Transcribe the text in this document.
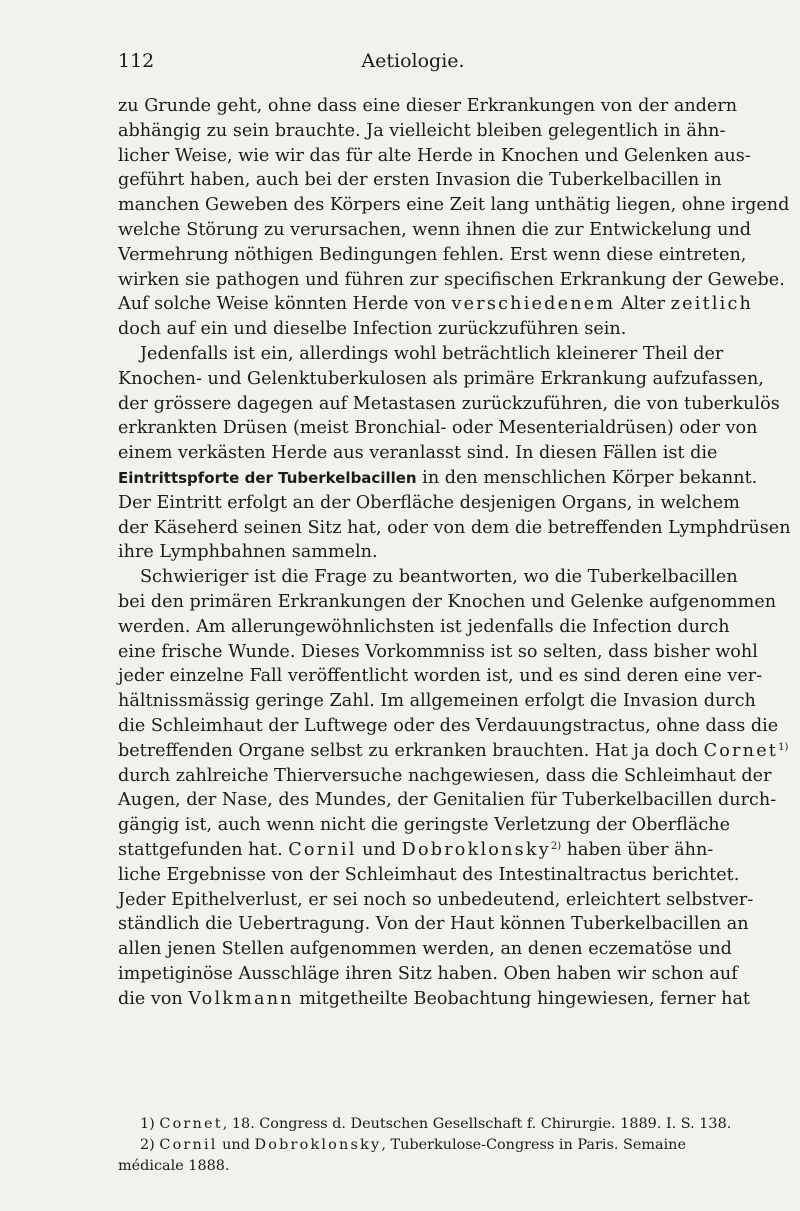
112	Aetiologie.
zu Grunde geht, ohne dass eine dieser Erkrankungen von der andern
abhängig zu sein brauchte. Ja vielleicht bleiben gelegentlich in ähn-
licher Weise, wie wir das für alte Herde in Knochen und Gelenken aus-
geführt haben, auch bei der ersten Invasion die Tuberkelbacillen in
manchen Geweben des Körpers eine Zeit lang unthätig liegen, ohne irgend
welche Störung zu verursachen, wenn ihnen die zur Entwickelung und
Vermehrung nöthigen Bedingungen fehlen. Erst wenn diese eintreten,
wirken sie pathogen und führen zur specifischen Erkrankung der Gewebe.
Auf solche Weise könnten Herde von verschiedenem Alter zeitlich
doch auf ein und dieselbe Infection zurückzuführen sein.
Jedenfalls ist ein, allerdings wohl beträchtlich kleinerer Theil der
Knochen- und Gelenktuberkulosen als primäre Erkrankung aufzufassen,
der grössere dagegen auf Metastasen zurückzuführen, die von tuberkulös
erkrankten Drüsen (meist Bronchial- oder Mesenterialdrüsen) oder von
einem verkästen Herde aus veranlasst sind. In diesen Fällen ist die
Eintrittspforte der Tuberkelbacillen in den menschlichen Körper bekannt.
Der Eintritt erfolgt an der Oberfläche desjenigen Organs, in welchem
der Käseherd seinen Sitz hat, oder von dem die betreffenden Lymphdrüsen
ihre Lymphbahnen sammeln.
Schwieriger ist die Frage zu beantworten, wo die Tuberkelbacillen
bei den primären Erkrankungen der Knochen und Gelenke aufgenommen
werden. Am allerungewöhnlichsten ist jedenfalls die Infection durch
eine frische Wunde. Dieses Vorkommniss ist so selten, dass bisher wohl
jeder einzelne Fall veröffentlicht worden ist, und es sind deren eine ver-
hältnissmässig geringe Zahl. Im allgemeinen erfolgt die Invasion durch
die Schleimhaut der Luftwege oder des Verdauungstractus, ohne dass die
betreffenden Organe selbst zu erkranken brauchten. Hat ja doch Cornet$^{1)}$
durch zahlreiche Thierversuche nachgewiesen, dass die Schleimhaut der
Augen, der Nase, des Mundes, der Genitalien für Tuberkelbacillen durch-
gängig ist, auch wenn nicht die geringste Verletzung der Oberfläche
stattgefunden hat. Cornil und Dobroklonsky$^{2)}$ haben über ähn-
liche Ergebnisse von der Schleimhaut des Intestinaltractus berichtet.
Jeder Epithelverlust, er sei noch so unbedeutend, erleichtert selbstver-
ständlich die Uebertragung. Von der Haut können Tuberkelbacillen an
allen jenen Stellen aufgenommen werden, an denen eczematöse und
impetiginöse Ausschläge ihren Sitz haben. Oben haben wir schon auf
die von Volkmann mitgetheilte Beobachtung hingewiesen, ferner hat
1) Cornet, 18. Congress d. Deutschen Gesellschaft f. Chirurgie. 1889. I. S. 138.
2) Cornil und Dobroklonsky, Tuberkulose-Congress in Paris. Semaine
médicale 1888.
